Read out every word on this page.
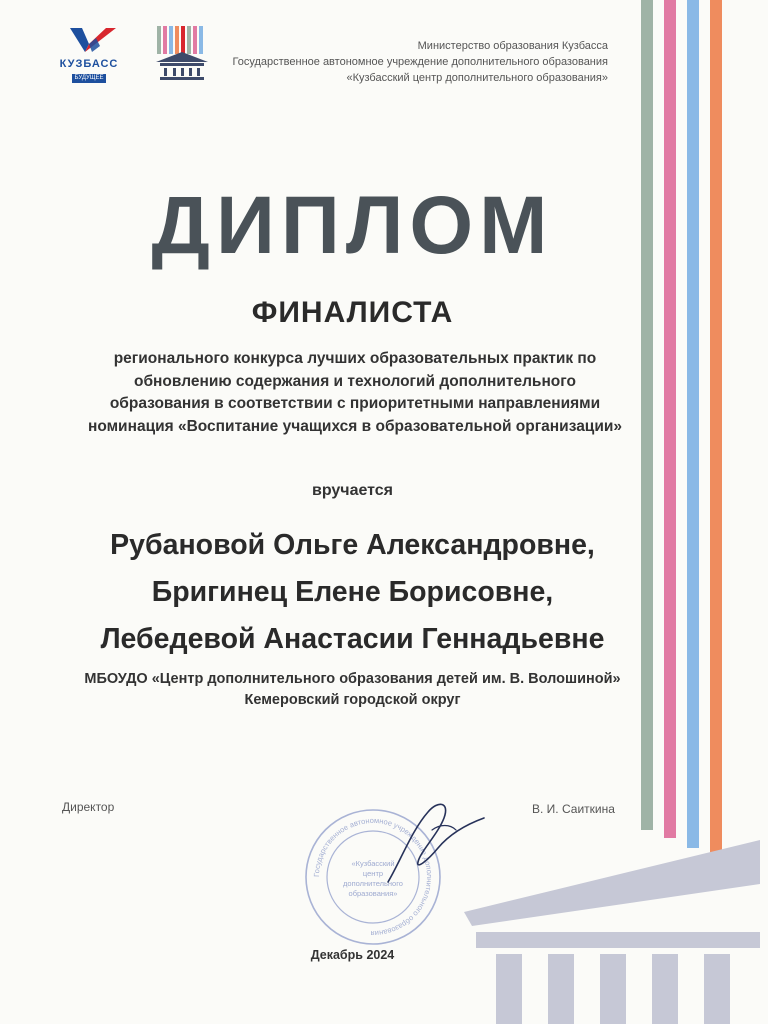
КУЗБАСС
БУДУЩЕЕ
Министерство образования Кузбасса
Государственное автономное учреждение дополнительного образования
«Кузбасский центр дополнительного образования»
ДИПЛОМ
ФИНАЛИСТА
регионального конкурса лучших образовательных практик по
обновлению содержания и технологий дополнительного
образования в соответствии с приоритетными направлениями
номинация «Воспитание учащихся в образовательной организации»
вручается
Рубановой Ольге Александровне,
Бригинец Елене Борисовне,
Лебедевой Анастасии Геннадьевне
МБОУДО «Центр дополнительного образования детей им. В. Волошиной»
Кемеровский городской округ
Директор	В. И. Саиткина
Государственное автономное учреждение дополнительного образования
«Кузбасский
центр
дополнительного
образования»
Декабрь 2024
